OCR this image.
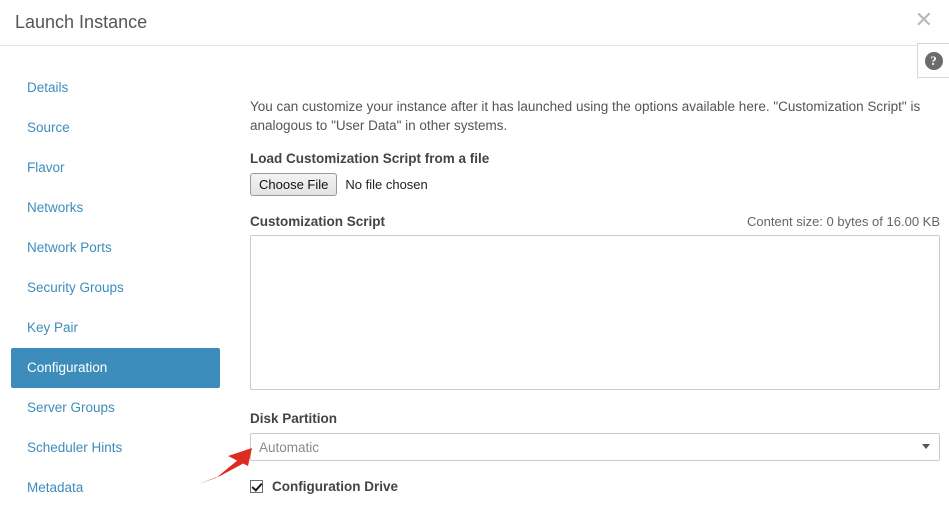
Launch Instance	✕
?
Details
Source
Flavor
Networks
Network Ports
Security Groups
Key Pair
Configuration
Server Groups
Scheduler Hints
Metadata

You can customize your instance after it has launched using the options available here. "Customization Script" is analogous to "User Data" in other systems.

Load Customization Script from a file
Choose File	No file chosen
Customization Script	Content size: 0 bytes of 16.00 KB
Disk Partition
Automatic
Configuration Drive
